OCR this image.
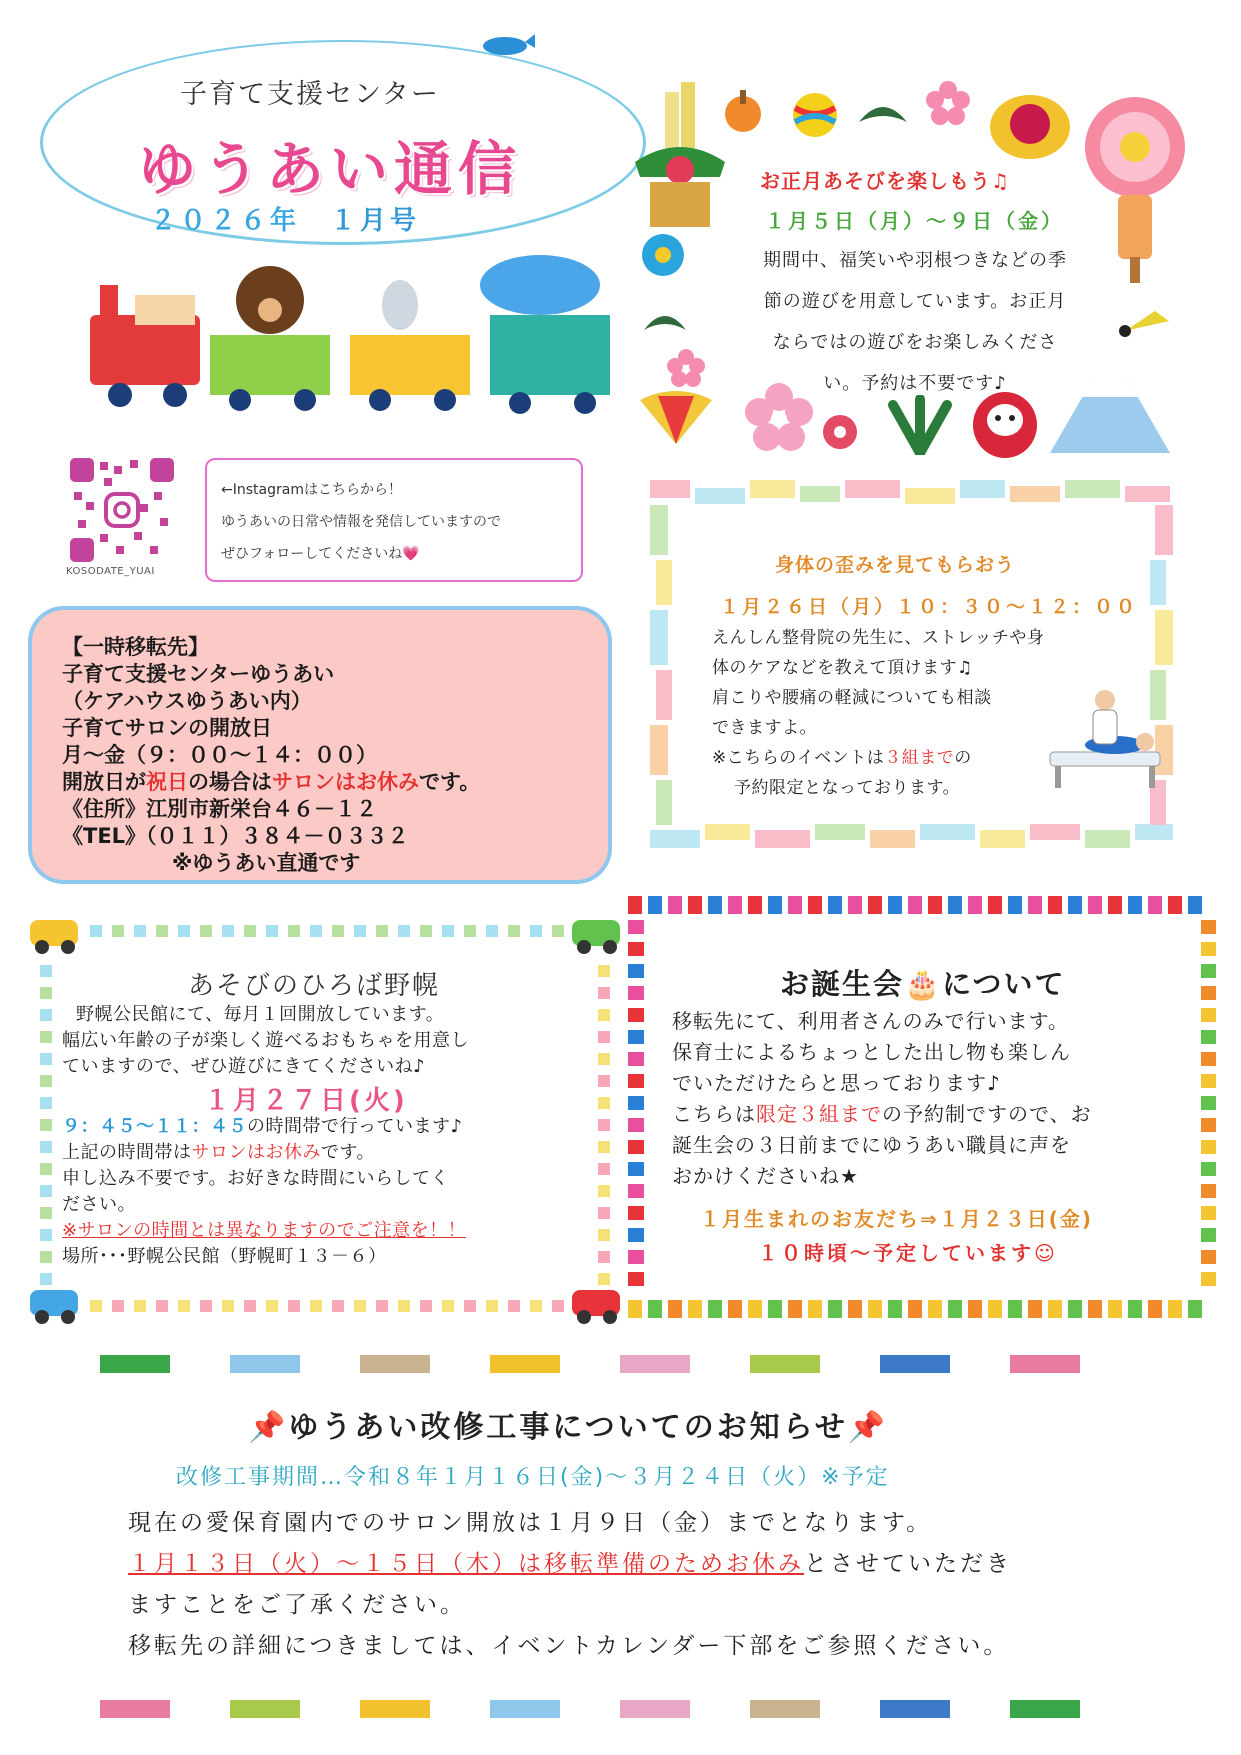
子育て支援センター
ゆうあい通信
２０２６年 １月号
KOSODATE_YUAI
←Instagramはこちらから！
ゆうあいの日常や情報を発信していますので
ぜひフォローしてくださいね💗
【一時移転先】
子育て支援センターゆうあい
（ケアハウスゆうあい内）
子育てサロンの開放日
月～金（９：００～１４：００）
開放日が祝日の場合はサロンはお休みです。
《住所》江別市新栄台４６－１２
《TEL》（０１１）３８４－０３３２
※ゆうあい直通です
お正月あそびを楽しもう♫
１月５日（月）～９日（金）
期間中、福笑いや羽根つきなどの季
節の遊びを用意しています。お正月
ならではの遊びをお楽しみくださ
い。予約は不要です♪
身体の歪みを見てもらおう
１月２６日（月）１０：３０～１２：００
えんしん整骨院の先生に、ストレッチや身
体のケアなどを教えて頂けます♫
肩こりや腰痛の軽減についても相談
できますよ。
※こちらのイベントは３組までの
予約限定となっております。
あそびのひろば野幌
野幌公民館にて、毎月１回開放しています。
幅広い年齢の子が楽しく遊べるおもちゃを用意し
ていますので、ぜひ遊びにきてくださいね♪
１月２７日(火)
９：４５～１１：４５の時間帯で行っています♪
上記の時間帯はサロンはお休みです。
申し込み不要です。お好きな時間にいらしてく
ださい。
※サロンの時間とは異なりますのでご注意を！！
場所･･･野幌公民館（野幌町１３－６）
お誕生会🎂について
移転先にて、利用者さんのみで行います。
保育士によるちょっとした出し物も楽しん
でいただけたらと思っております♪
こちらは限定３組までの予約制ですので、お
誕生会の３日前までにゆうあい職員に声を
おかけくださいね★
１月生まれのお友だち⇒１月２３日(金)
１０時頃～予定しています☺
📌ゆうあい改修工事についてのお知らせ📌
改修工事期間…令和８年１月１６日(金)～３月２４日（火）※予定
現在の愛保育園内でのサロン開放は１月９日（金）までとなります。
１月１３日（火）～１５日（木）は移転準備のためお休みとさせていただき
ますことをご了承ください。
移転先の詳細につきましては、イベントカレンダー下部をご参照ください。
